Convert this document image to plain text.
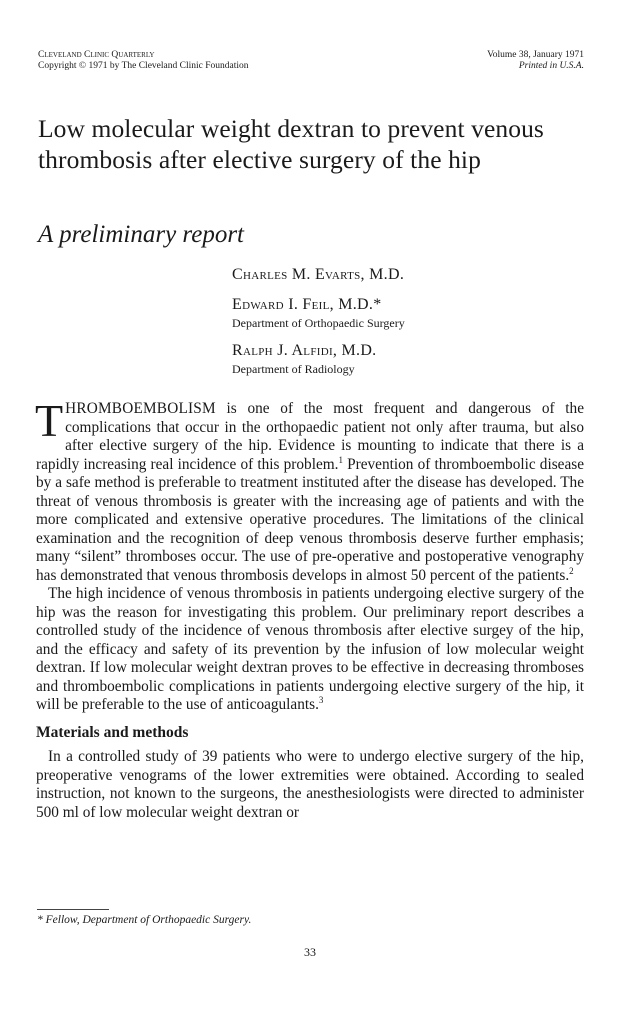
Cleveland Clinic Quarterly
Copyright © 1971 by The Cleveland Clinic Foundation
Volume 38, January 1971
Printed in U.S.A.
Low molecular weight dextran to prevent venous thrombosis after elective surgery of the hip
A preliminary report
Charles M. Evarts, M.D.
Edward I. Feil, M.D.*
Department of Orthopaedic Surgery
Ralph J. Alfidi, M.D.
Department of Radiology

THROMBOEMBOLISM is one of the most frequent and dangerous of the complications that occur in the orthopaedic patient not only after trauma, but also after elective surgery of the hip. Evidence is mounting to indicate that there is a rapidly increasing real incidence of this problem.$^1$ Prevention of thromboembolic disease by a safe method is preferable to treatment instituted after the disease has developed. The threat of venous thrombosis is greater with the increasing age of patients and with the more complicated and extensive operative procedures. The limitations of the clinical examination and the recognition of deep venous thrombosis deserve further emphasis; many “silent” thromboses occur. The use of pre-operative and postoperative venography has demonstrated that venous thrombosis develops in almost 50 percent of the patients.$^2$

The high incidence of venous thrombosis in patients undergoing elective surgery of the hip was the reason for investigating this problem. Our preliminary report describes a controlled study of the incidence of venous thrombosis after elective surgey of the hip, and the efficacy and safety of its prevention by the infusion of low molecular weight dextran. If low molecular weight dextran proves to be effective in decreasing thromboses and thromboembolic complications in patients undergoing elective surgery of the hip, it will be preferable to the use of anticoagulants.$^3$

Materials and methods

In a controlled study of 39 patients who were to undergo elective surgery of the hip, preoperative venograms of the lower extremities were obtained. According to sealed instruction, not known to the surgeons, the anesthesiologists were directed to administer 500 ml of low molecular weight dextran or

* Fellow, Department of Orthopaedic Surgery.
33
